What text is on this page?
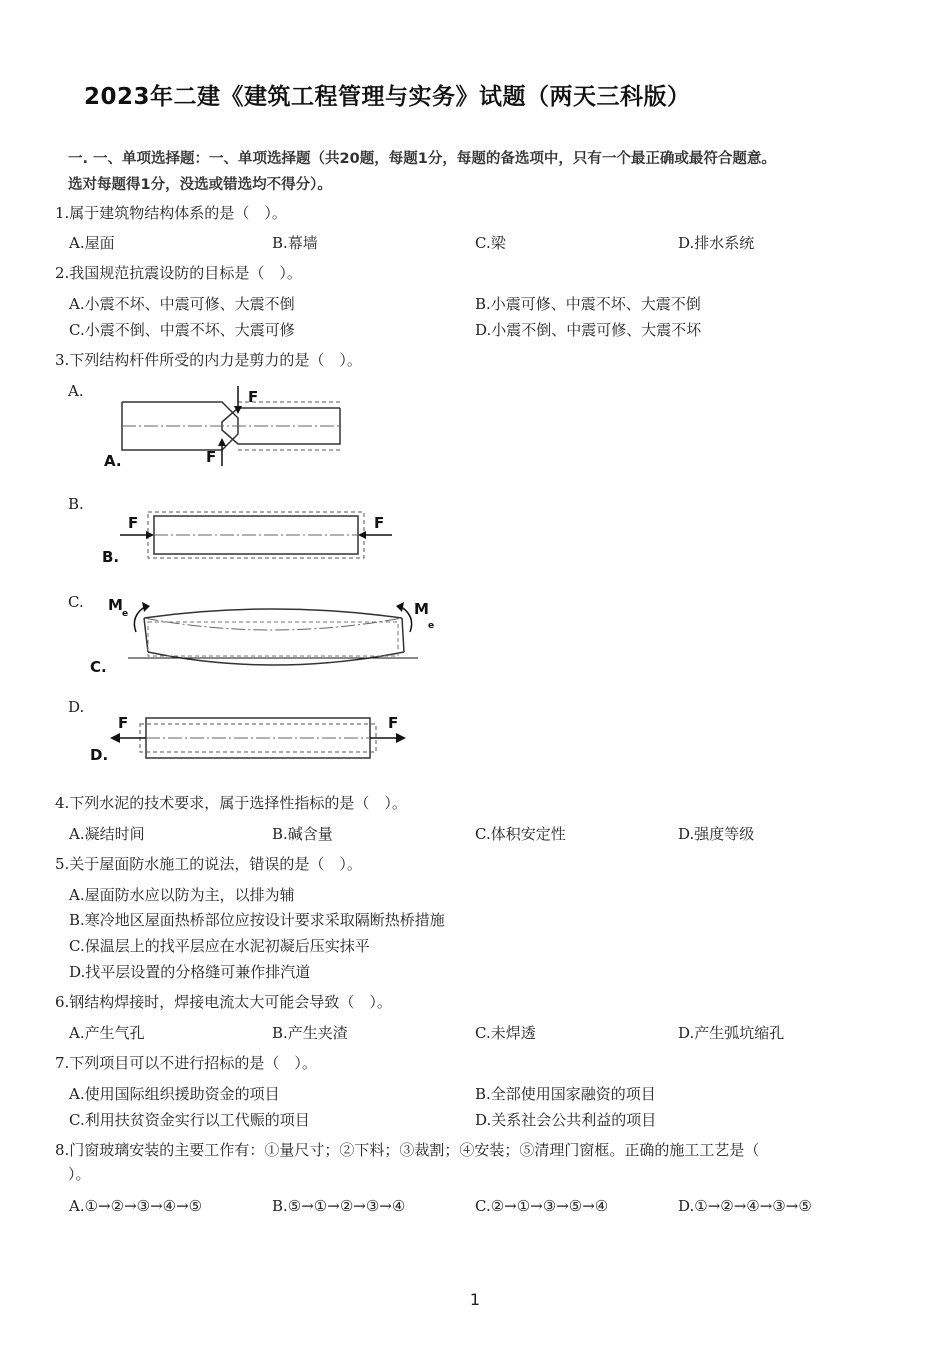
2023年二建《建筑工程管理与实务》试题（两天三科版）
一. 一、单项选择题：一、单项选择题（共20题，每题1分，每题的备选项中，只有一个最正确或最符合题意。
选对每题得1分，没选或错选均不得分）。
1.属于建筑物结构体系的是（　）。
A.屋面	B.幕墙	C.梁	D.排水系统
2.我国规范抗震设防的目标是（　）。
A.小震不坏、中震可修、大震不倒	B.小震可修、中震不坏、大震不倒
C.小震不倒、中震不坏、大震可修	D.小震不倒、中震可修、大震不坏
3.下列结构杆件所受的内力是剪力的是（　）。
A.	F
F
A.
B.
F	F
B.
C. M e	M
e
C.
D.
F	F
D.
4.下列水泥的技术要求，属于选择性指标的是（　）。
A.凝结时间	B.碱含量	C.体积安定性	D.强度等级
5.关于屋面防水施工的说法，错误的是（　）。
A.屋面防水应以防为主，以排为辅
B.寒冷地区屋面热桥部位应按设计要求采取隔断热桥措施
C.保温层上的找平层应在水泥初凝后压实抹平
D.找平层设置的分格缝可兼作排汽道
6.钢结构焊接时，焊接电流太大可能会导致（　）。
A.产生气孔	B.产生夹渣	C.未焊透	D.产生弧坑缩孔
7.下列项目可以不进行招标的是（　）。
A.使用国际组织援助资金的项目	B.全部使用国家融资的项目
C.利用扶贫资金实行以工代赈的项目	D.关系社会公共利益的项目
8.门窗玻璃安装的主要工作有：①量尺寸；②下料；③裁割；④安装；⑤清理门窗框。正确的施工工艺是（
）。
A.①→②→③→④→⑤	B.⑤→①→②→③→④	C.②→①→③→⑤→④	D.①→②→④→③→⑤
1
